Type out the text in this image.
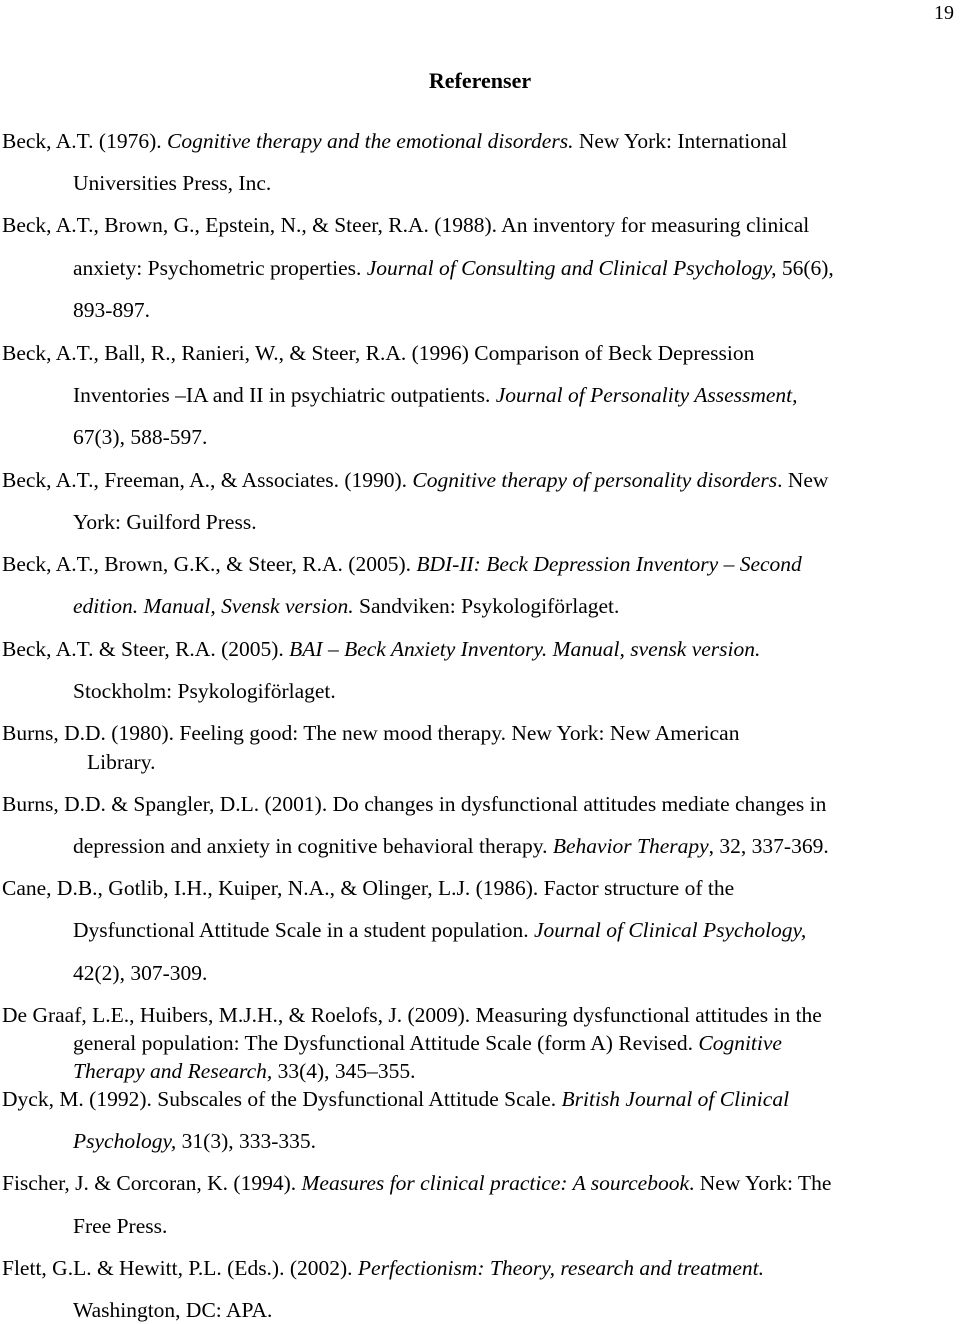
19
Referenser
Beck, A.T. (1976). Cognitive therapy and the emotional disorders. New York: International
Universities Press, Inc.
Beck, A.T., Brown, G., Epstein, N., & Steer, R.A. (1988). An inventory for measuring clinical
anxiety: Psychometric properties. Journal of Consulting and Clinical Psychology, 56(6),
893-897.
Beck, A.T., Ball, R., Ranieri, W., & Steer, R.A. (1996) Comparison of Beck Depression
Inventories –IA and II in psychiatric outpatients. Journal of Personality Assessment,
67(3), 588-597.
Beck, A.T., Freeman, A., & Associates. (1990). Cognitive therapy of personality disorders. New
York: Guilford Press.
Beck, A.T., Brown, G.K., & Steer, R.A. (2005). BDI-II: Beck Depression Inventory – Second
edition. Manual, Svensk version. Sandviken: Psykologiförlaget.
Beck, A.T. & Steer, R.A. (2005). BAI – Beck Anxiety Inventory. Manual, svensk version.
Stockholm: Psykologiförlaget.
Burns, D.D. (1980). Feeling good: The new mood therapy. New York: New American
Library.
Burns, D.D. & Spangler, D.L. (2001). Do changes in dysfunctional attitudes mediate changes in
depression and anxiety in cognitive behavioral therapy. Behavior Therapy, 32, 337-369.
Cane, D.B., Gotlib, I.H., Kuiper, N.A., & Olinger, L.J. (1986). Factor structure of the
Dysfunctional Attitude Scale in a student population. Journal of Clinical Psychology,
42(2), 307-309.
De Graaf, L.E., Huibers, M.J.H., & Roelofs, J. (2009). Measuring dysfunctional attitudes in the
general population: The Dysfunctional Attitude Scale (form A) Revised. Cognitive
Therapy and Research, 33(4), 345–355.
Dyck, M. (1992). Subscales of the Dysfunctional Attitude Scale. British Journal of Clinical
Psychology, 31(3), 333-335.
Fischer, J. & Corcoran, K. (1994). Measures for clinical practice: A sourcebook. New York: The
Free Press.
Flett, G.L. & Hewitt, P.L. (Eds.). (2002). Perfectionism: Theory, research and treatment.
Washington, DC: APA.
